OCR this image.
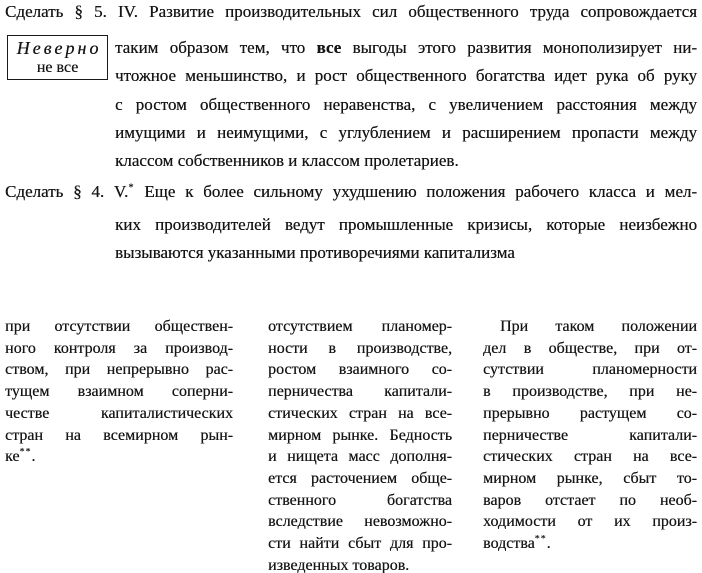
Сделать § 5. IV. Развитие производительных сил общественного труда сопровождается
Неверно
не все
таким образом тем, что все выгоды этого развития монополизирует ни-
чтожное меньшинство, и рост общественного богатства идет рука об руку
с ростом общественного неравенства, с увеличением расстояния между
имущими и неимущими, с углублением и расширением пропасти между
классом собственников и классом пролетариев.
Сделать § 4. V.* Еще к более сильному ухудшению положения рабочего класса и мел-
ких производителей ведут промышленные кризисы, которые неизбежно
вызываются указанными противоречиями капитализма
при отсутствии обществен-
ного контроля за производ-
ством, при непрерывно рас-
тущем взаимном соперни-
честве капиталистических
стран на всемирном рын-
ке**.
отсутствием планомер-
ности в производстве,
ростом взаимного со-
перничества капитали-
стических стран на все-
мирном рынке. Бедность
и нищета масс дополня-
ется расточением обще-
ственного богатства
вследствие невозможно-
сти найти сбыт для про-
изведенных товаров.
При таком положении
дел в обществе, при от-
сутствии планомерности
в производстве, при не-
прерывно растущем со-
перничестве капитали-
стических стран на все-
мирном рынке, сбыт то-
варов отстает по необ-
ходимости от их произ-
водства**.
